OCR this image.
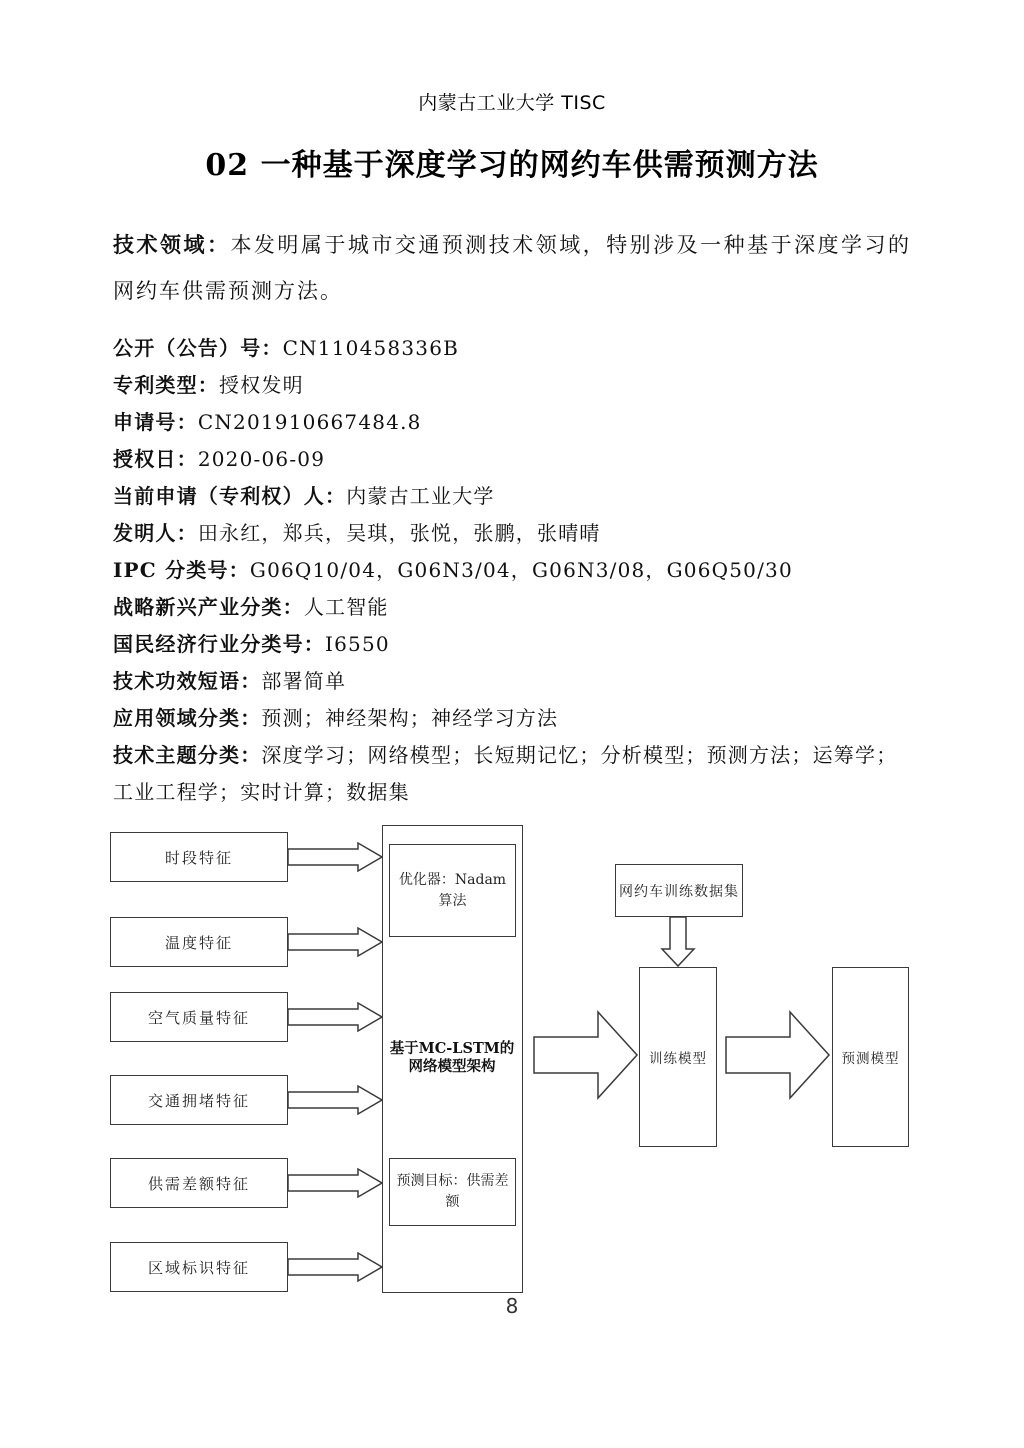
内蒙古工业大学 TISC
02 一种基于深度学习的网约车供需预测方法

技术领域：本发明属于城市交通预测技术领域，特别涉及一种基于深度学习的网约车供需预测方法。

公开（公告）号：CN110458336B

专利类型：授权发明

申请号：CN201910667484.8

授权日：2020-06-09

当前申请（专利权）人：内蒙古工业大学

发明人：田永红，郑兵，吴琪，张悦，张鹏，张晴晴

IPC 分类号：G06Q10/04，G06N3/04，G06N3/08，G06Q50/30

战略新兴产业分类：人工智能

国民经济行业分类号：I6550

技术功效短语：部署简单

应用领域分类：预测；神经架构；神经学习方法

技术主题分类：深度学习；网络模型；长短期记忆；分析模型；预测方法；运筹学；工业工程学；实时计算；数据集

时段特征
温度特征
空气质量特征
交通拥堵特征
供需差额特征
区域标识特征
优化器：Nadam算法
基于MC-LSTM的网络模型架构
预测目标：供需差额
网约车训练数据集
训练模型	预测模型
8
